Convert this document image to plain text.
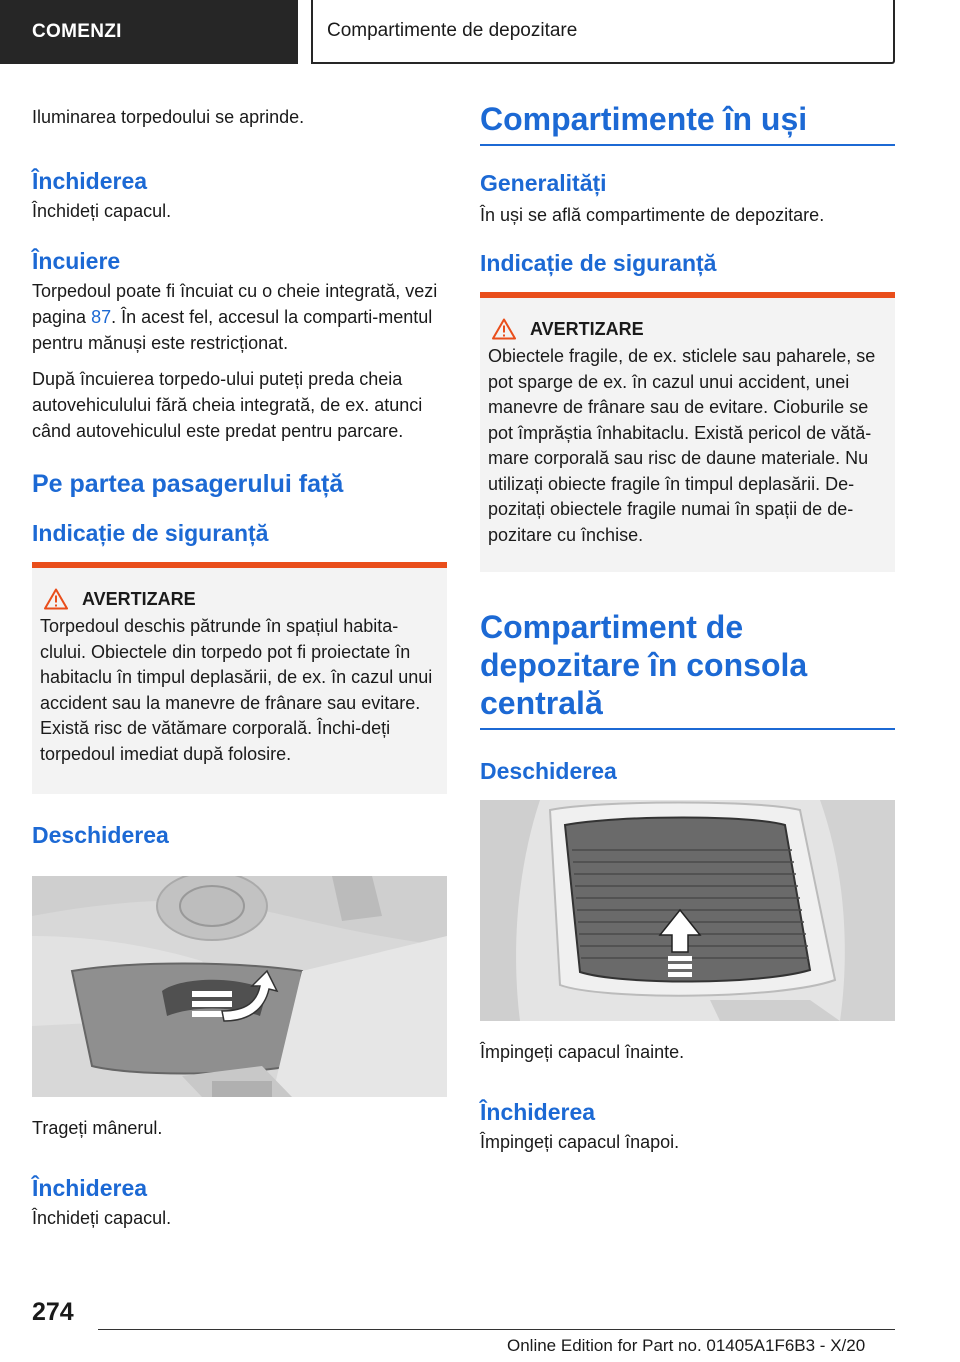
COMENZI	Compartimente de depozitare

Iluminarea torpedoului se aprinde.

Închiderea

Închideți capacul.

Încuiere

Torpedoul poate fi încuiat cu o cheie integrată, vezi pagina 87. În acest fel, accesul la comparti-mentul pentru mănuși este restricționat.

După încuierea torpedo-ului puteți preda cheia autovehiculului fără cheia integrată, de ex. atunci când autovehiculul este predat pentru parcare.

Pe partea pasagerului față
Indicație de siguranță
AVERTIZARE

Torpedoul deschis pătrunde în spațiul habita-clului. Obiectele din torpedo pot fi proiectate în habitaclu în timpul deplasării, de ex. în cazul unui accident sau la manevre de frânare sau evitare. Există risc de vătămare corporală. Închi-deți torpedoul imediat după folosire.

Deschiderea

Trageți mânerul.

Închiderea

Închideți capacul.

Compartimente în uși
Generalități

În uși se află compartimente de depozitare.

Indicație de siguranță
AVERTIZARE

Obiectele fragile, de ex. sticlele sau paharele, se pot sparge de ex. în cazul unui accident, unei manevre de frânare sau de evitare. Cioburile se pot împrăștia înhabitaclu. Există pericol de vătă-mare corporală sau risc de daune materiale. Nu utilizați obiecte fragile în timpul deplasării. De-pozitați obiectele fragile numai în spații de de-pozitare cu închise.

Compartiment de depozitare în consola centrală
Deschiderea

Împingeți capacul înainte.

Închiderea

Împingeți capacul înapoi.

274
Online Edition for Part no. 01405A1F6B3 - X/20
